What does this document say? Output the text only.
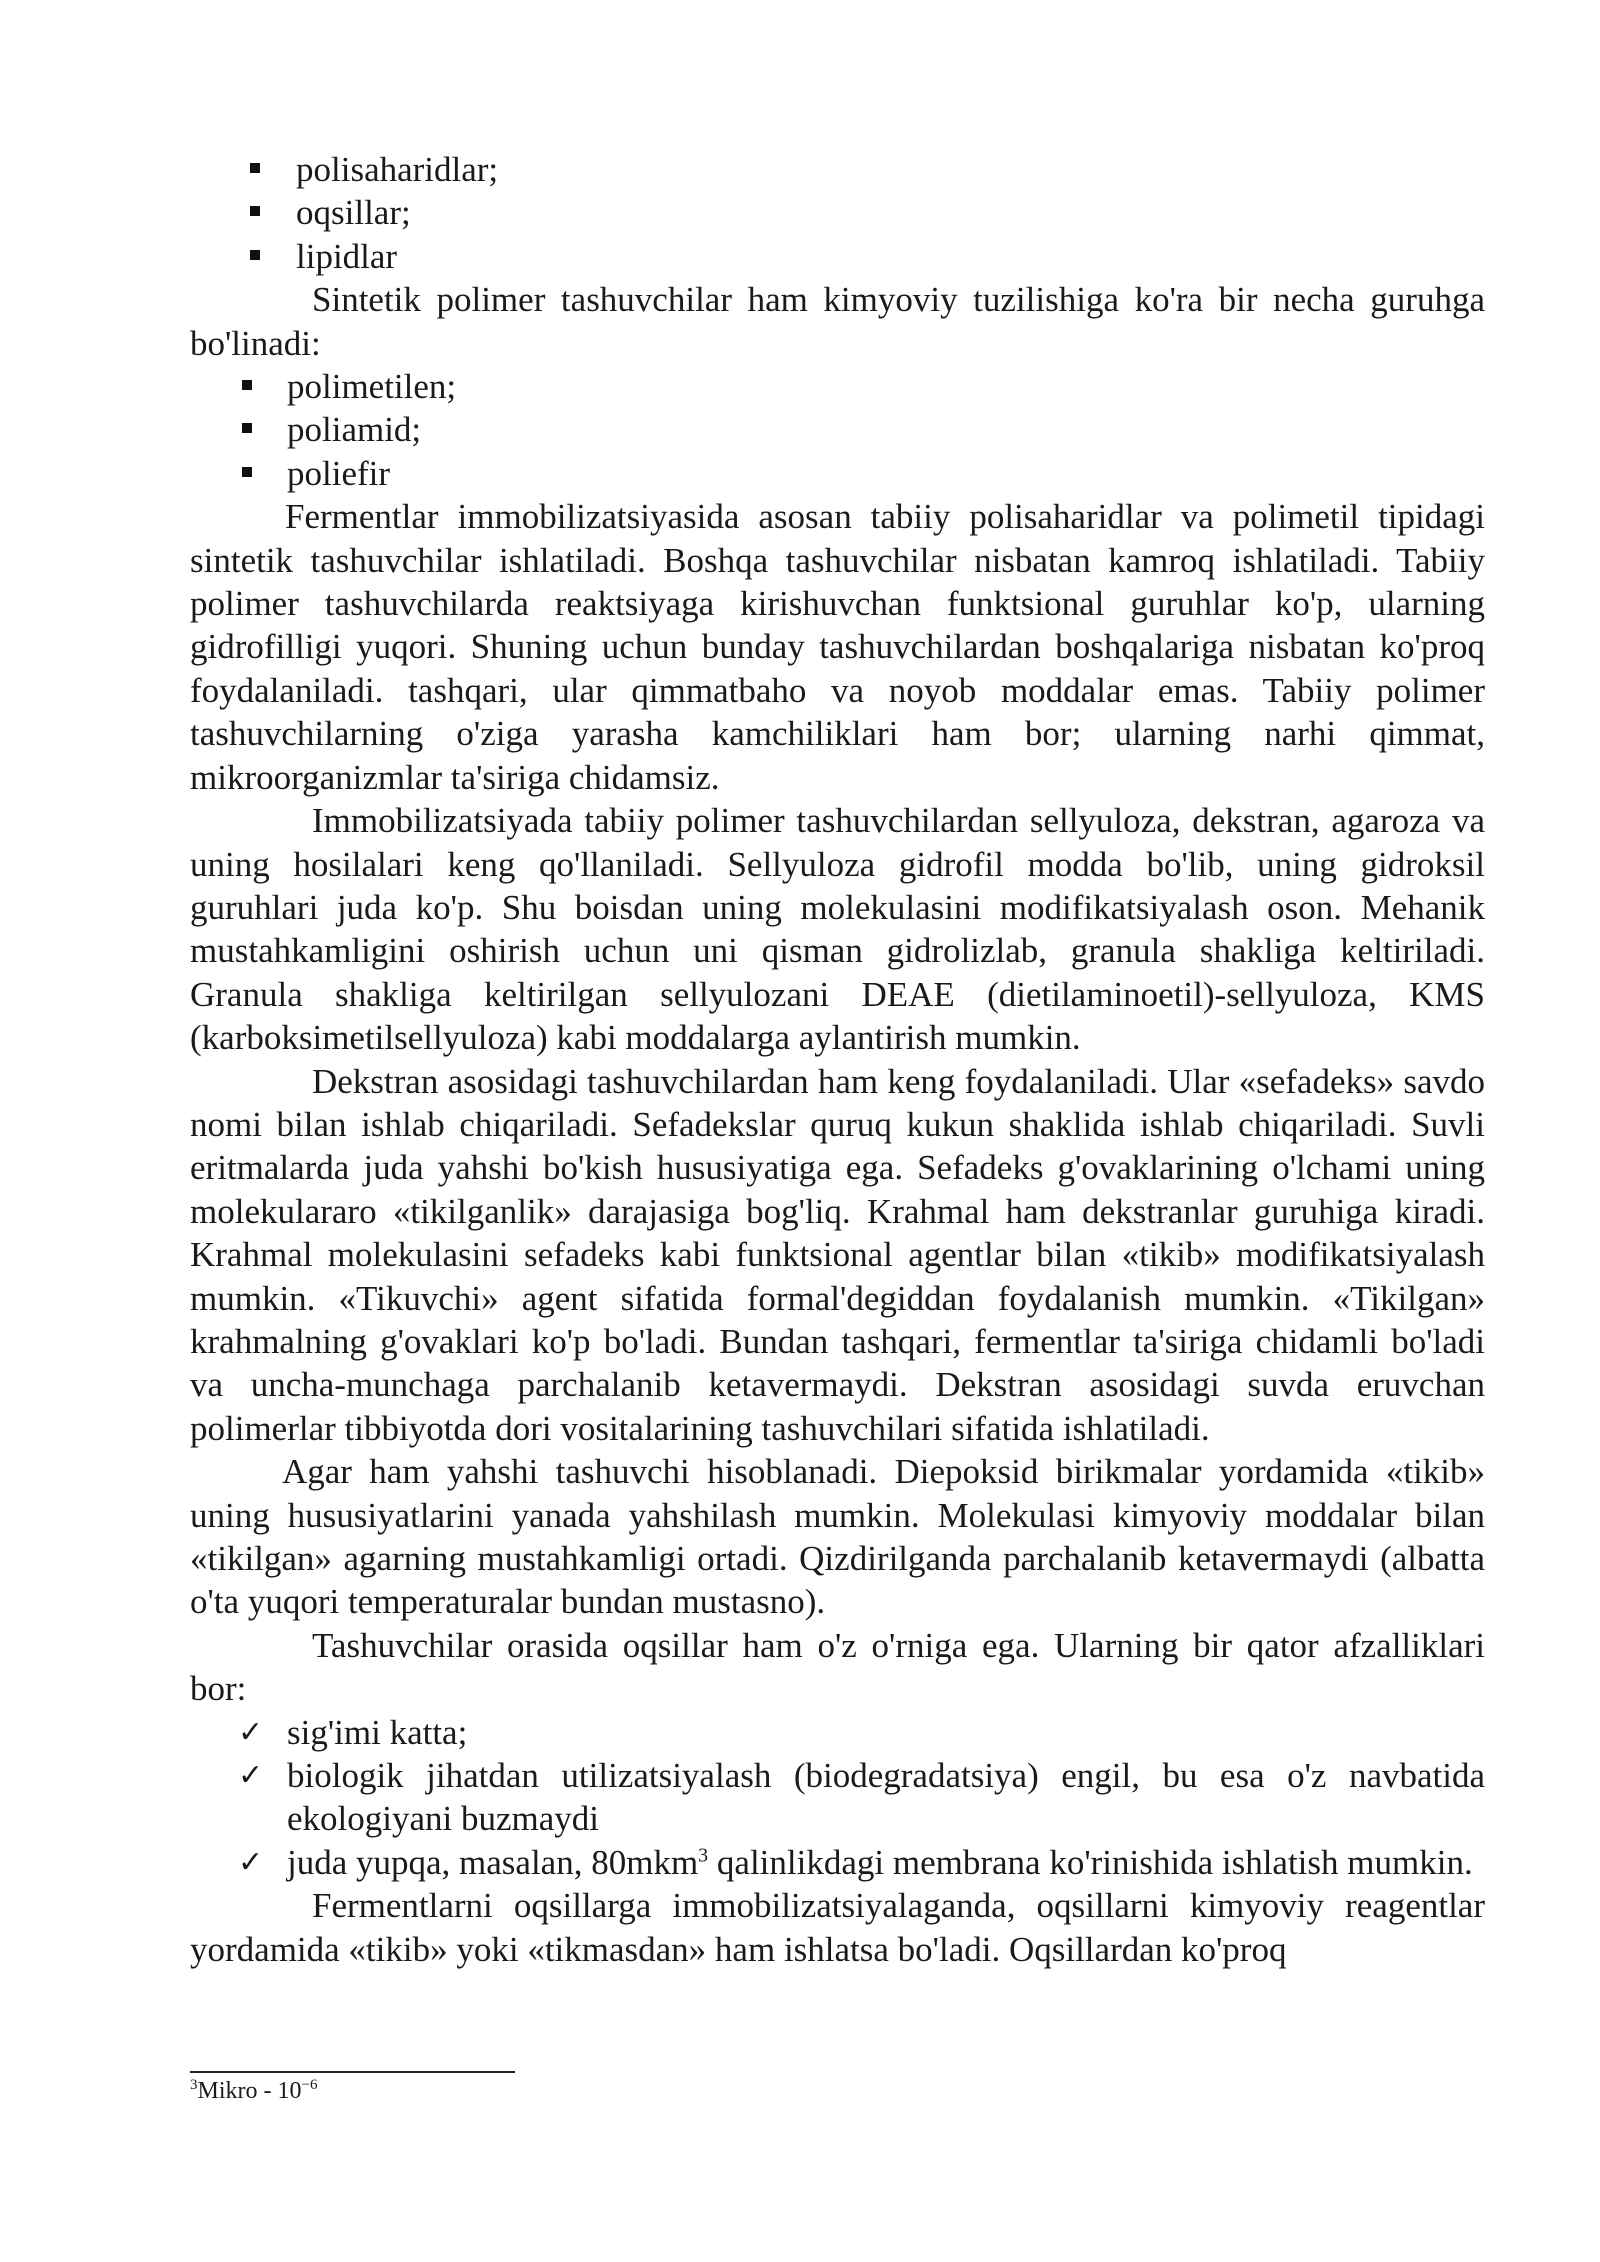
polisaharidlar;
oqsillar;
lipidlar

Sintetik polimer tashuvchilar ham kimyoviy tuzilishiga ko'ra bir necha guruhga bo'linadi:

polimetilen;
poliamid;
poliefir

Fermentlar immobilizatsiyasida asosan tabiiy polisaharidlar va polimetil tipidagi sintetik tashuvchilar ishlatiladi. Boshqa tashuvchilar nisbatan kamroq ishlatiladi. Tabiiy polimer tashuvchilarda reaktsiyaga kirishuvchan funktsional guruhlar ko'p, ularning gidrofilligi yuqori. Shuning uchun bunday tashuvchilardan boshqalariga nisbatan ko'proq foydalaniladi. tashqari, ular qimmatbaho va noyob moddalar emas. Tabiiy polimer tashuvchilarning o'ziga yarasha kamchiliklari ham bor; ularning narhi qimmat, mikroorganizmlar ta'siriga chidamsiz.

Immobilizatsiyada tabiiy polimer tashuvchilardan sellyuloza, dekstran, agaroza va uning hosilalari keng qo'llaniladi. Sellyuloza gidrofil modda bo'lib, uning gidroksil guruhlari juda ko'p. Shu boisdan uning molekulasini modifikatsiyalash oson. Mehanik mustahkamligini oshirish uchun uni qisman gidrolizlab, granula shakliga keltiriladi. Granula shakliga keltirilgan sellyulozani DEAE (dietilaminoetil)-sellyuloza, KMS (karboksimetilsellyuloza) kabi moddalarga aylantirish mumkin.

Dekstran asosidagi tashuvchilardan ham keng foydalaniladi. Ular «sefadeks» savdo nomi bilan ishlab chiqariladi. Sefadekslar quruq kukun shaklida ishlab chiqariladi. Suvli eritmalarda juda yahshi bo'kish hususiyatiga ega. Sefadeks g'ovaklarining o'lchami uning molekulararo «tikilganlik» darajasiga bog'liq. Krahmal ham dekstranlar guruhiga kiradi. Krahmal molekulasini sefadeks kabi funktsional agentlar bilan «tikib» modifikatsiyalash mumkin. «Tikuvchi» agent sifatida formal'degiddan foydalanish mumkin. «Tikilgan» krahmalning g'ovaklari ko'p bo'ladi. Bundan tashqari, fermentlar ta'siriga chidamli bo'ladi va uncha-munchaga parchalanib ketavermaydi. Dekstran asosidagi suvda eruvchan polimerlar tibbiyotda dori vositalarining tashuvchilari sifatida ishlatiladi.

Agar ham yahshi tashuvchi hisoblanadi. Diepoksid birikmalar yordamida «tikib» uning hususiyatlarini yanada yahshilash mumkin. Molekulasi kimyoviy moddalar bilan «tikilgan» agarning mustahkamligi ortadi. Qizdirilganda parchalanib ketavermaydi (albatta o'ta yuqori temperaturalar bundan mustasno).

Tashuvchilar orasida oqsillar ham o'z o'rniga ega. Ularning bir qator afzalliklari bor:

✓ sig'imi katta;
✓ biologik jihatdan utilizatsiyalash (biodegradatsiya) engil, bu esa o'z navbatida ekologiyani buzmaydi
✓ juda yupqa, masalan, 80mkm$^3$ qalinlikdagi membrana ko'rinishida ishlatish mumkin.

Fermentlarni oqsillarga immobilizatsiyalaganda, oqsillarni kimyoviy reagentlar yordamida «tikib» yoki «tikmasdan» ham ishlatsa bo'ladi. Oqsillardan ko'proq

$^3$Mikro - $10^{-6}$
